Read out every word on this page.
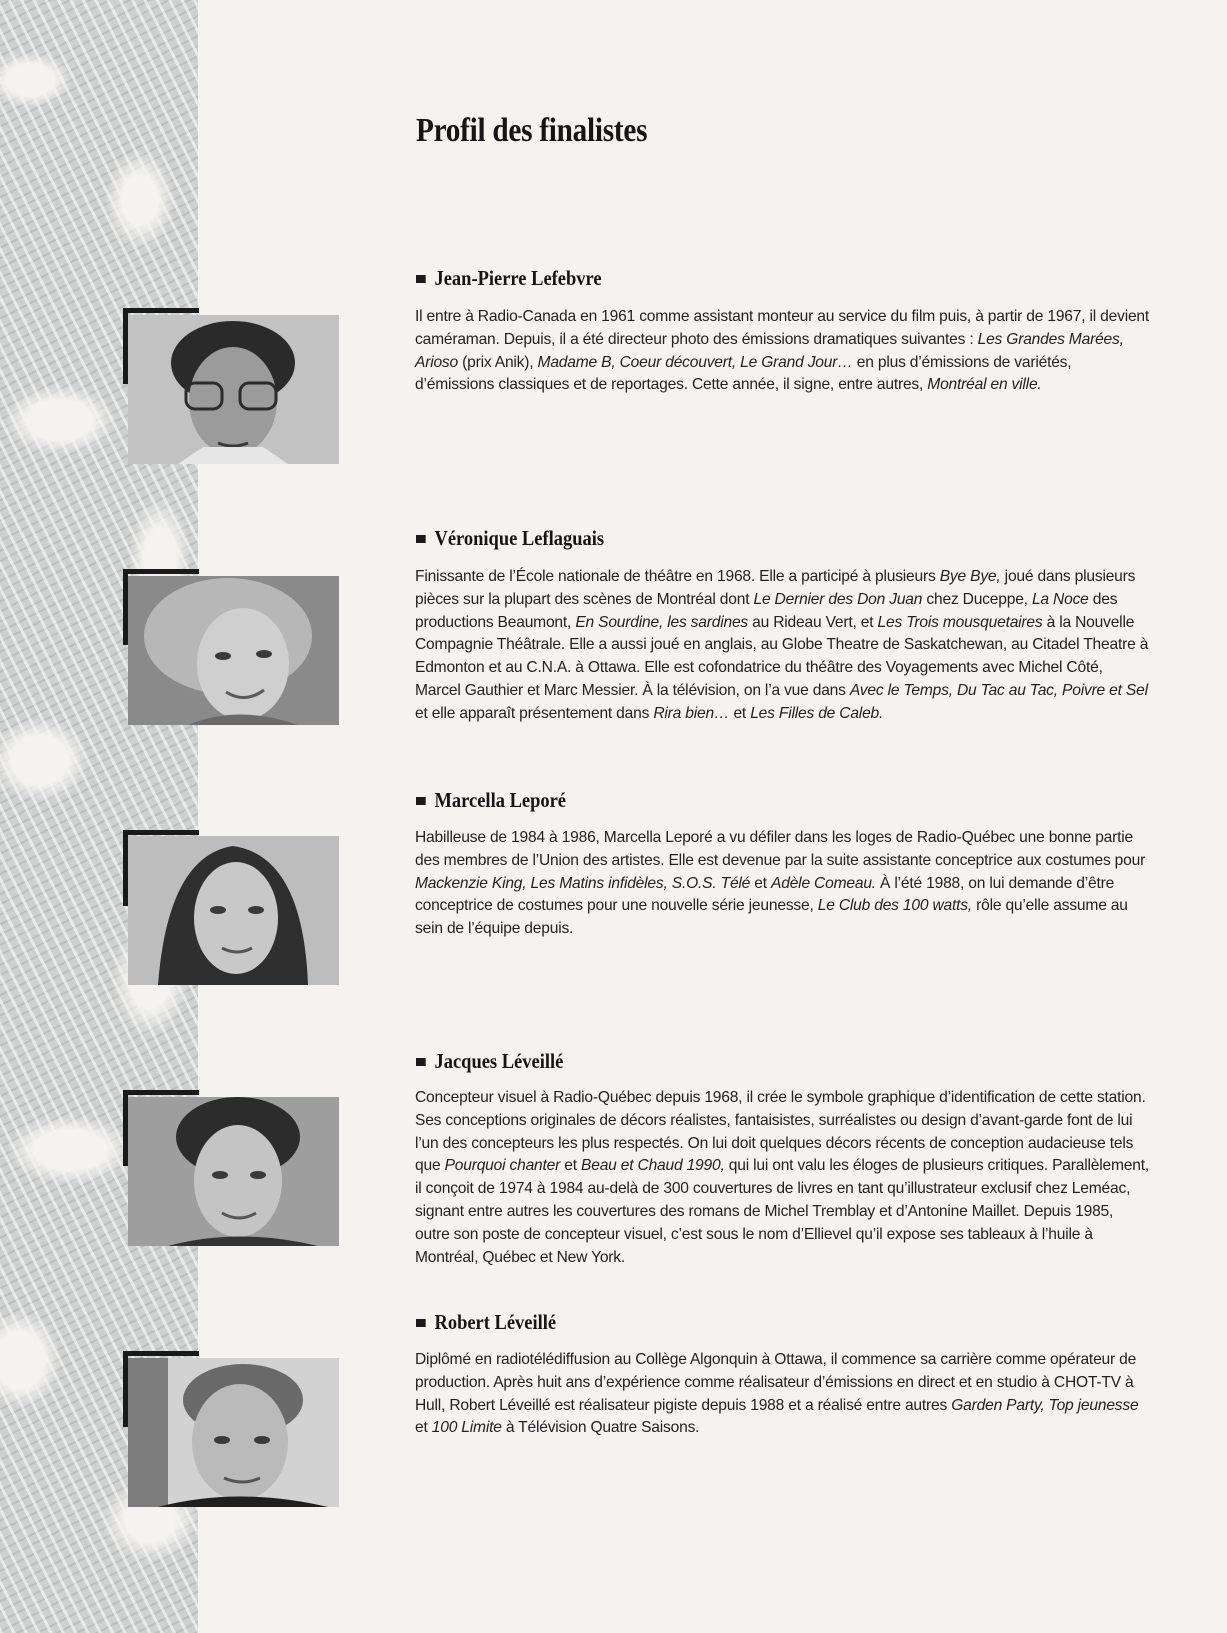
Profil des finalistes
Jean-Pierre Lefebvre

Il entre à Radio-Canada en 1961 comme assistant monteur au service du film puis, à partir de 1967, il devient caméraman. Depuis, il a été directeur photo des émissions dramatiques suivantes : Les Grandes Marées, Arioso (prix Anik), Madame B, Coeur découvert, Le Grand Jour… en plus d’émissions de variétés, d’émissions classiques et de reportages. Cette année, il signe, entre autres, Montréal en ville.

Véronique Leflaguais

Finissante de l’École nationale de théâtre en 1968. Elle a participé à plusieurs Bye Bye, joué dans plusieurs pièces sur la plupart des scènes de Montréal dont Le Dernier des Don Juan chez Duceppe, La Noce des productions Beaumont, En Sourdine, les sardines au Rideau Vert, et Les Trois mousquetaires à la Nouvelle Compagnie Théâtrale. Elle a aussi joué en anglais, au Globe Theatre de Saskatchewan, au Citadel Theatre à Edmonton et au C.N.A. à Ottawa. Elle est cofondatrice du théâtre des Voyagements avec Michel Côté, Marcel Gauthier et Marc Messier. À la télévision, on l’a vue dans Avec le Temps, Du Tac au Tac, Poivre et Sel et elle apparaît présentement dans Rira bien… et Les Filles de Caleb.

Marcella Leporé

Habilleuse de 1984 à 1986, Marcella Leporé a vu défiler dans les loges de Radio-Québec une bonne partie des membres de l’Union des artistes. Elle est devenue par la suite assistante conceptrice aux costumes pour Mackenzie King, Les Matins infidèles, S.O.S. Télé et Adèle Comeau. À l’été 1988, on lui demande d’être conceptrice de costumes pour une nouvelle série jeunesse, Le Club des 100 watts, rôle qu’elle assume au sein de l’équipe depuis.

Jacques Léveillé

Concepteur visuel à Radio-Québec depuis 1968, il crée le symbole graphique d’identification de cette station. Ses conceptions originales de décors réalistes, fantaisistes, surréalistes ou design d’avant-garde font de lui l’un des concepteurs les plus respectés. On lui doit quelques décors récents de conception audacieuse tels que Pourquoi chanter et Beau et Chaud 1990, qui lui ont valu les éloges de plusieurs critiques. Parallèlement, il conçoit de 1974 à 1984 au-delà de 300 couvertures de livres en tant qu’illustrateur exclusif chez Leméac, signant entre autres les couvertures des romans de Michel Tremblay et d’Antonine Maillet. Depuis 1985, outre son poste de concepteur visuel, c’est sous le nom d’Ellievel qu’il expose ses tableaux à l’huile à Montréal, Québec et New York.

Robert Léveillé

Diplômé en radiotélédiffusion au Collège Algonquin à Ottawa, il commence sa carrière comme opérateur de production. Après huit ans d’expérience comme réalisateur d’émissions en direct et en studio à CHOT-TV à Hull, Robert Léveillé est réalisateur pigiste depuis 1988 et a réalisé entre autres Garden Party, Top jeunesse et 100 Limite à Télévision Quatre Saisons.
